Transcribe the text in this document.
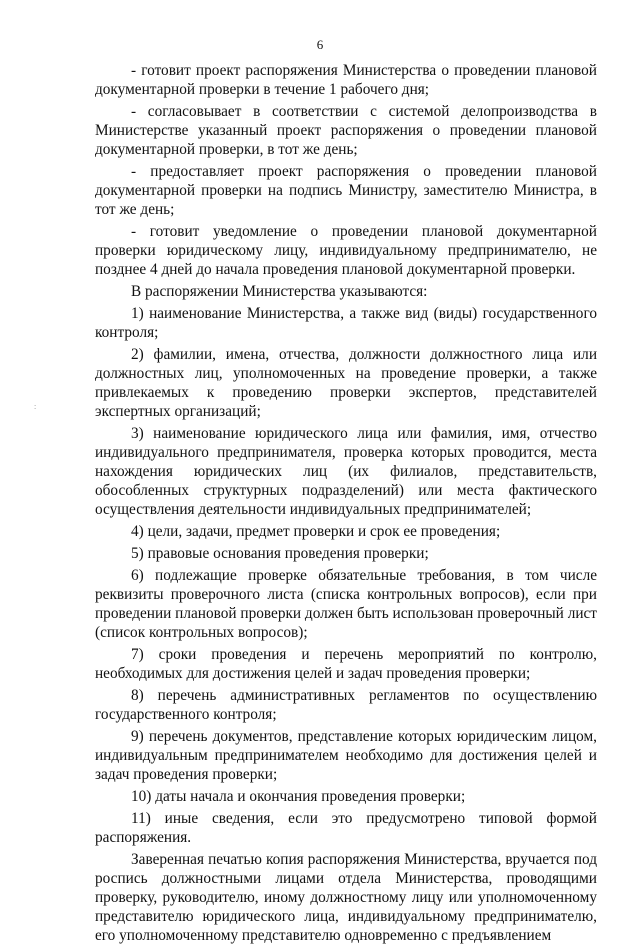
6
:

- готовит проект распоряжения Министерства о проведении плановой документарной проверки в течение 1 рабочего дня;

- согласовывает в соответствии с системой делопроизводства в Министерстве указанный проект распоряжения о проведении плановой документарной проверки, в тот же день;

- предоставляет проект распоряжения о проведении плановой документарной проверки на подпись Министру, заместителю Министра, в тот же день;

- готовит уведомление о проведении плановой документарной проверки юридическому лицу, индивидуальному предпринимателю, не позднее 4 дней до начала проведения плановой документарной проверки.

В распоряжении Министерства указываются:

1) наименование Министерства, а также вид (виды) государственного контроля;

2) фамилии, имена, отчества, должности должностного лица или должностных лиц, уполномоченных на проведение проверки, а также привлекаемых к проведению проверки экспертов, представителей экспертных организаций;

3) наименование юридического лица или фамилия, имя, отчество индивидуального предпринимателя, проверка которых проводится, места нахождения юридических лиц (их филиалов, представительств, обособленных структурных подразделений) или места фактического осуществления деятельности индивидуальных предпринимателей;

4) цели, задачи, предмет проверки и срок ее проведения;

5) правовые основания проведения проверки;

6) подлежащие проверке обязательные требования, в том числе реквизиты проверочного листа (списка контрольных вопросов), если при проведении плановой проверки должен быть использован проверочный лист (список контрольных вопросов);

7) сроки проведения и перечень мероприятий по контролю, необходимых для достижения целей и задач проведения проверки;

8) перечень административных регламентов по осуществлению государственного контроля;

9) перечень документов, представление которых юридическим лицом, индивидуальным предпринимателем необходимо для достижения целей и задач проведения проверки;

10) даты начала и окончания проведения проверки;

11) иные сведения, если это предусмотрено типовой формой распоряжения.

Заверенная печатью копия распоряжения Министерства, вручается под роспись должностными лицами отдела Министерства, проводящими проверку, руководителю, иному должностному лицу или уполномоченному представителю юридического лица, индивидуальному предпринимателю, его уполномоченному представителю одновременно с предъявлением
